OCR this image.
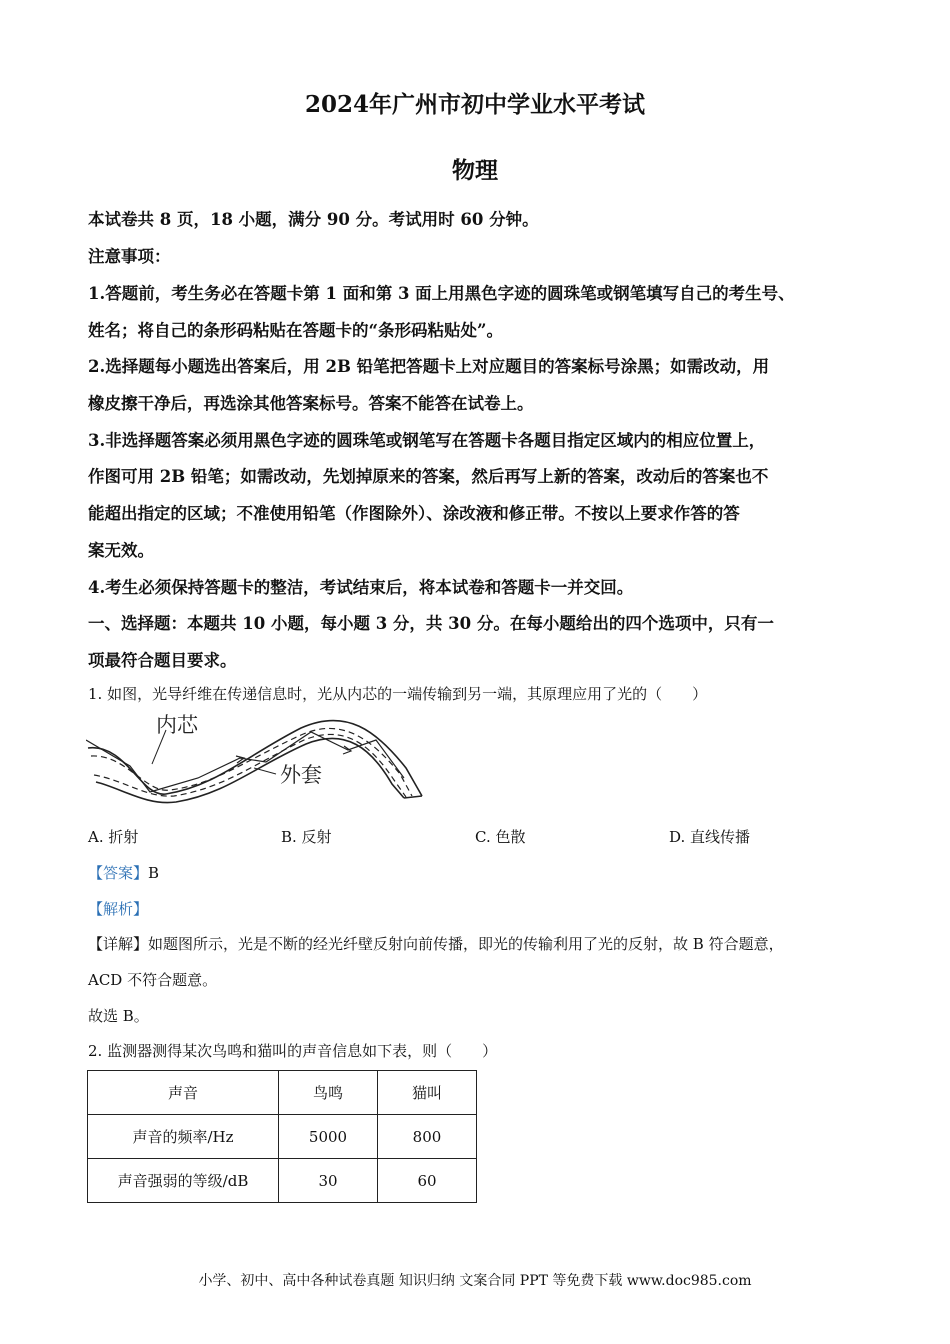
2024年广州市初中学业水平考试
物理
本试卷共 8 页，18 小题，满分 90 分。考试用时 60 分钟。
注意事项：
1.答题前，考生务必在答题卡第 1 面和第 3 面上用黑色字迹的圆珠笔或钢笔填写自己的考生号、
姓名；将自己的条形码粘贴在答题卡的“条形码粘贴处”。
2.选择题每小题选出答案后，用 2B 铅笔把答题卡上对应题目的答案标号涂黑；如需改动，用
橡皮擦干净后，再选涂其他答案标号。答案不能答在试卷上。
3.非选择题答案必须用黑色字迹的圆珠笔或钢笔写在答题卡各题目指定区域内的相应位置上，
作图可用 2B 铅笔；如需改动，先划掉原来的答案，然后再写上新的答案，改动后的答案也不
能超出指定的区域；不准使用铅笔（作图除外）、涂改液和修正带。不按以上要求作答的答
案无效。
4.考生必须保持答题卡的整洁，考试结束后，将本试卷和答题卡一并交回。
一、选择题：本题共 10 小题，每小题 3 分，共 30 分。在每小题给出的四个选项中，只有一
项最符合题目要求。
1. 如图，光导纤维在传递信息时，光从内芯的一端传输到另一端，其原理应用了光的（　　）
内芯
外套
A. 折射	B. 反射	C. 色散	D. 直线传播
【答案】B
【解析】
【详解】如题图所示，光是不断的经光纤壁反射向前传播，即光的传输利用了光的反射，故 B 符合题意，
ACD 不符合题意。
故选 B。
2. 监测器测得某次鸟鸣和猫叫的声音信息如下表，则（　　）
声音	鸟鸣	猫叫
声音的频率/Hz	5000	800
声音强弱的等级/dB	30	60
小学、初中、高中各种试卷真题 知识归纳 文案合同 PPT 等免费下载 www.doc985.com
